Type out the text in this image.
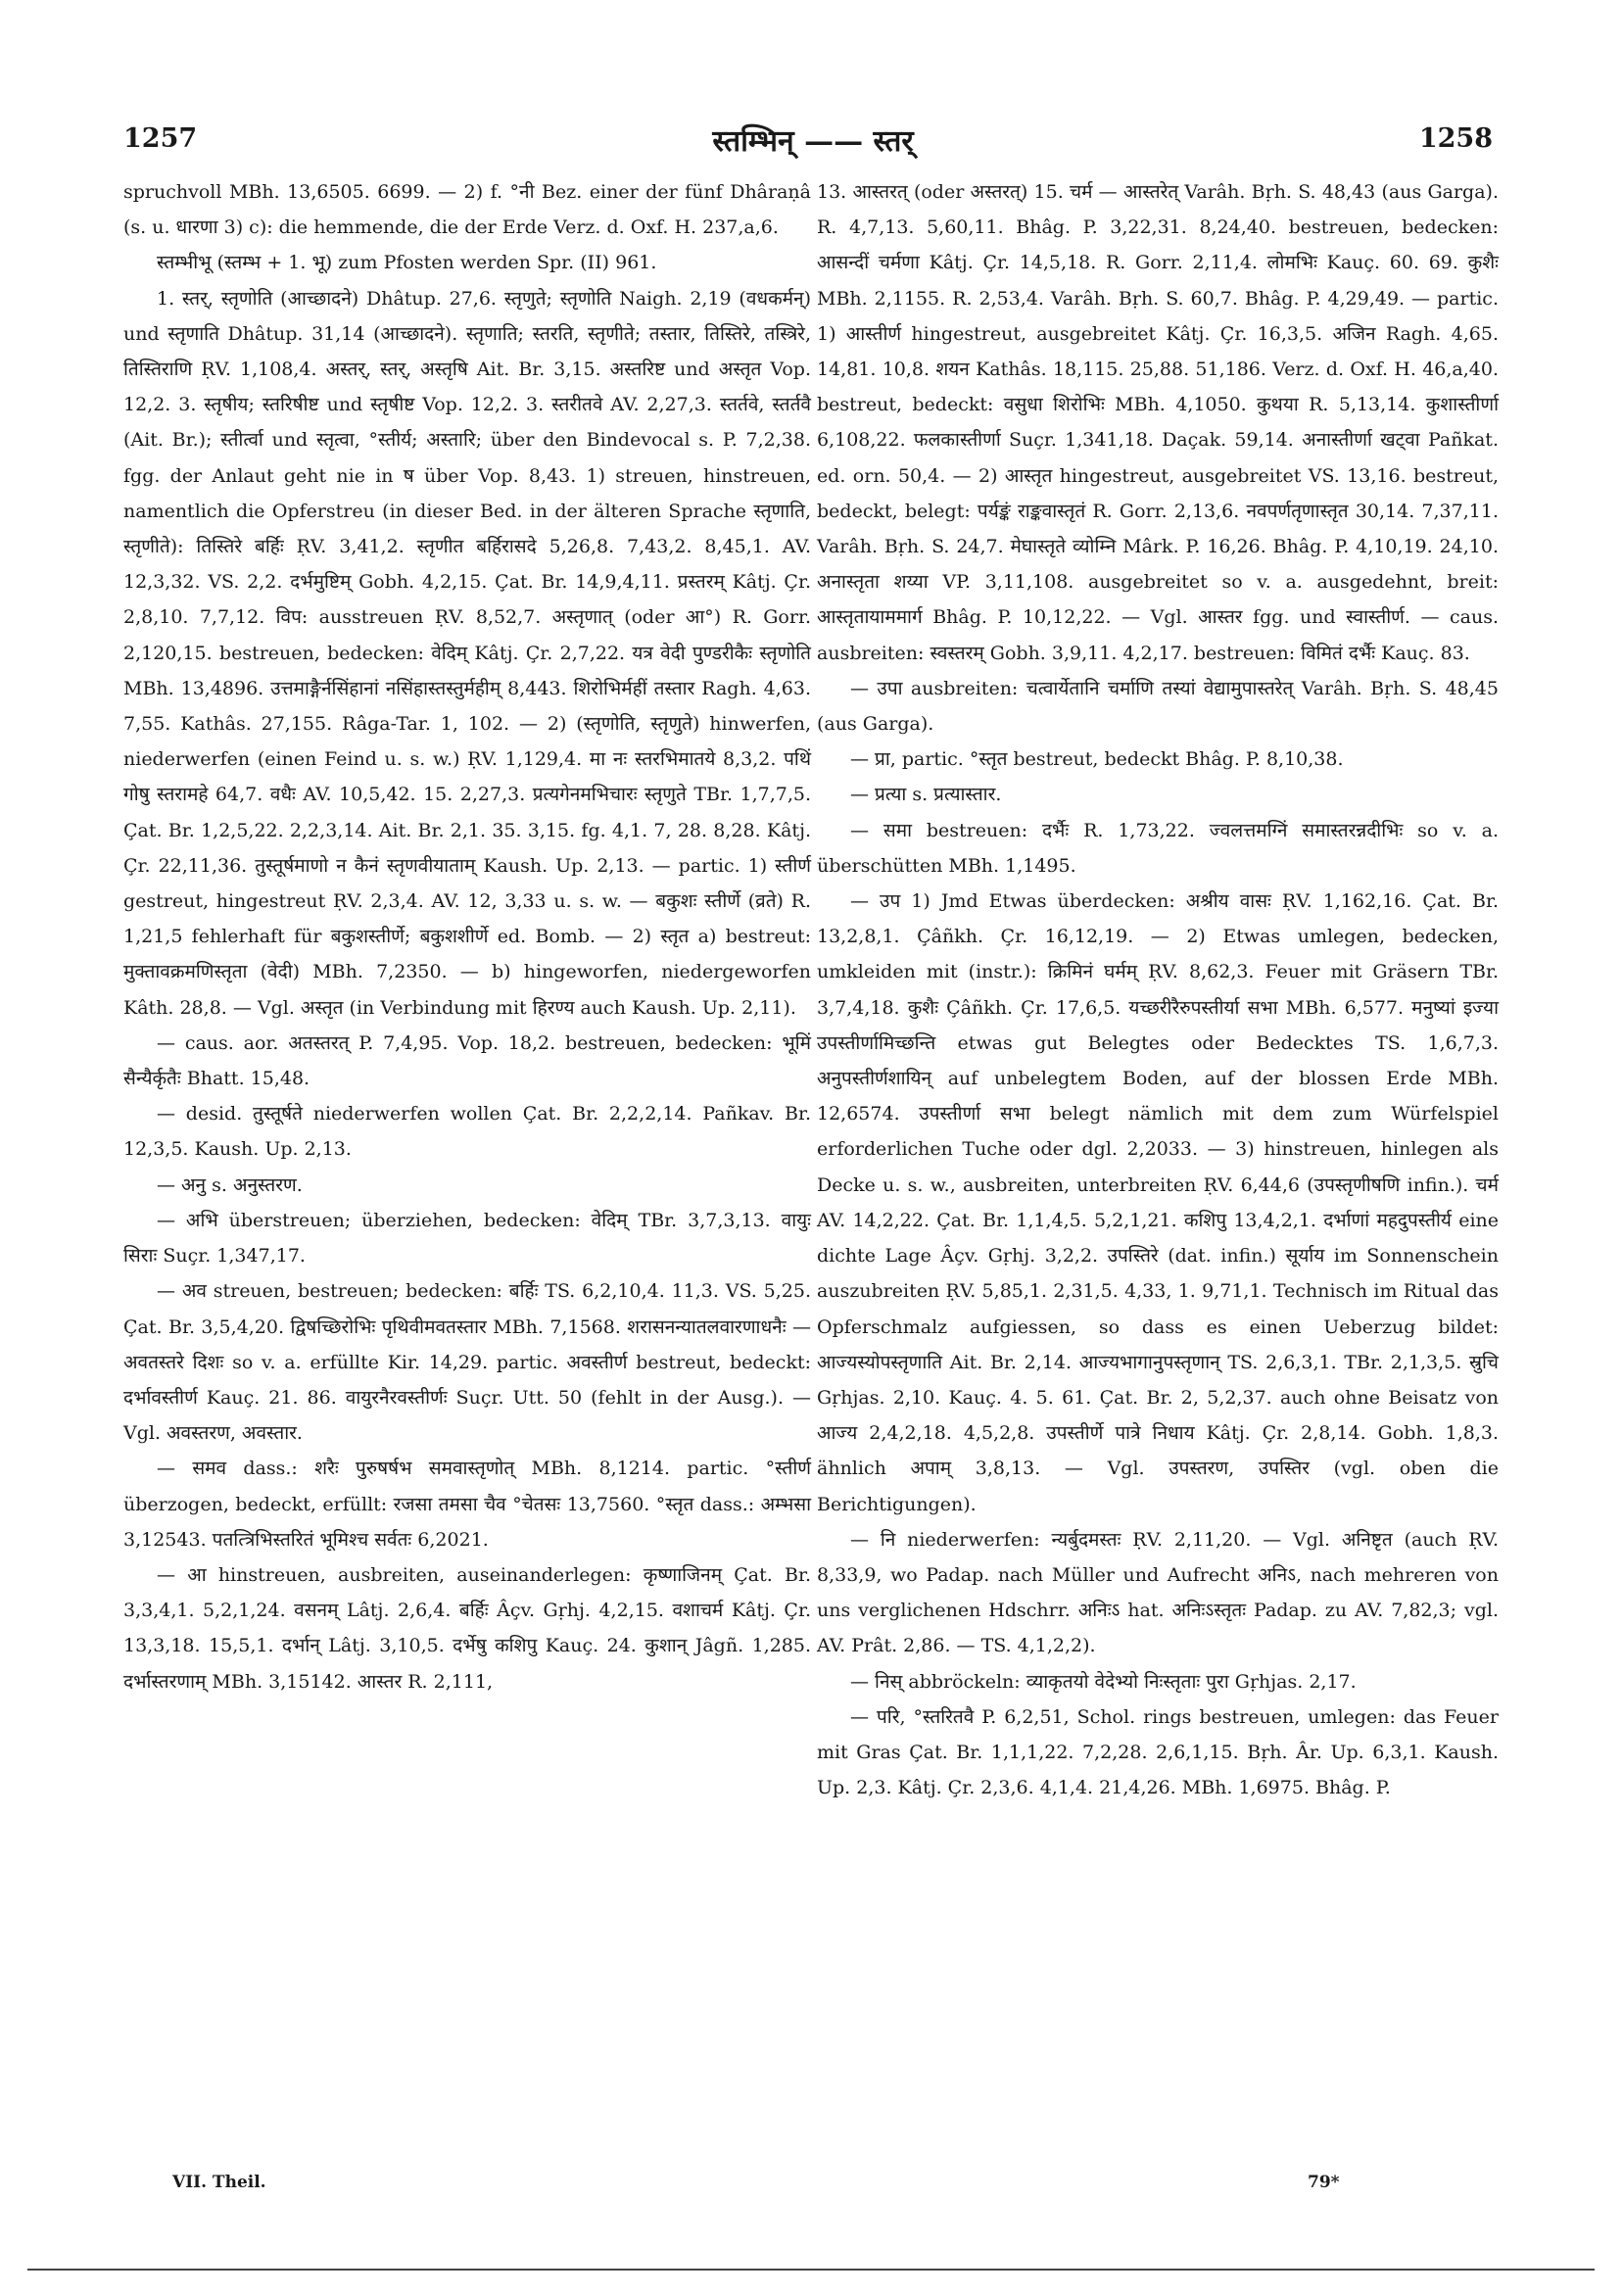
1257	स्तम्भिन् —— स्तर्	1258

spruchvoll MBh. 13,6505. 6699. — 2) f. °नी Bez. einer der fünf Dhâraṇâ (s. u. धारणा 3) c): die hemmende, die der Erde Verz. d. Oxf. H. 237,a,6.

स्तम्भीभू (स्तम्भ + 1. भू) zum Pfosten werden Spr. (II) 961.

1. स्तर्, स्तृणोति (आच्छादने) Dhâtup. 27,6. स्तृणुते; स्तृणोति Naigh. 2,19 (वधकर्मन्) und स्तृणाति Dhâtup. 31,14 (आच्छादने). स्तृणाति; स्तरति, स्तृणीते; तस्तार, तिस्तिरे, तस्त्रिरे, तिस्तिराणि ṚV. 1,108,4. अस्तर्, स्तर्, अस्तृषि Ait. Br. 3,15. अस्तरिष्ट und अस्तृत Vop. 12,2. 3. स्तृषीय; स्तरिषीष्ट und स्तृषीष्ट Vop. 12,2. 3. स्तरीतवे AV. 2,27,3. स्तर्तवे, स्तर्तवै (Ait. Br.); स्तीर्त्वा und स्तृत्वा, °स्तीर्य; अस्तारि; über den Bindevocal s. P. 7,2,38. fgg. der Anlaut geht nie in ष über Vop. 8,43. 1) streuen, hinstreuen, namentlich die Opferstreu (in dieser Bed. in der älteren Sprache स्तृणाति, स्तृणीते): तिस्तिरे बर्हिः ṚV. 3,41,2. स्तृणीत बर्हिरासदे 5,26,8. 7,43,2. 8,45,1. AV. 12,3,32. VS. 2,2. दर्भमुष्टिम् Gobh. 4,2,15. Çat. Br. 14,9,4,11. प्रस्तरम् Kâtj. Çr. 2,8,10. 7,7,12. विप: ausstreuen ṚV. 8,52,7. अस्तृणात् (oder आ°) R. Gorr. 2,120,15. bestreuen, bedecken: वेदिम् Kâtj. Çr. 2,7,22. यत्र वेदी पुण्डरीकैः स्तृणोति MBh. 13,4896. उत्तमाङ्गैर्नसिंहानां नसिंहास्तस्तुर्महीम् 8,443. शिरोभिर्महीं तस्तार Ragh. 4,63. 7,55. Kathâs. 27,155. Râga-Tar. 1, 102. — 2) (स्तृणोति, स्तृणुते) hinwerfen, niederwerfen (einen Feind u. s. w.) ṚV. 1,129,4. मा नः स्तरभिमातये 8,3,2. पथिं गोषु स्तरामहे 64,7. वधैः AV. 10,5,42. 15. 2,27,3. प्रत्यगेनमभिचारः स्तृणुते TBr. 1,7,7,5. Çat. Br. 1,2,5,22. 2,2,3,14. Ait. Br. 2,1. 35. 3,15. fg. 4,1. 7, 28. 8,28. Kâtj. Çr. 22,11,36. तुस्तूर्षमाणो न कैनं स्तृणवीयाताम् Kaush. Up. 2,13. — partic. 1) स्तीर्ण gestreut, hingestreut ṚV. 2,3,4. AV. 12, 3,33 u. s. w. — बकुशः स्तीर्णे (व्रते) R. 1,21,5 fehlerhaft für बकुशस्तीर्णे; बकुशशीर्णे ed. Bomb. — 2) स्तृत a) bestreut: मुक्तावक्रमणिस्तृता (वेदी) MBh. 7,2350. — b) hingeworfen, niedergeworfen Kâth. 28,8. — Vgl. अस्तृत (in Verbindung mit हिरण्य auch Kaush. Up. 2,11).

— caus. aor. अतस्तरत् P. 7,4,95. Vop. 18,2. bestreuen, bedecken: भूमिं सैन्यैर्कृतैः Bhatt. 15,48.

— desid. तुस्तूर्षते niederwerfen wollen Çat. Br. 2,2,2,14. Pañkav. Br. 12,3,5. Kaush. Up. 2,13.

— अनु s. अनुस्तरण.

— अभि überstreuen; überziehen, bedecken: वेदिम् TBr. 3,7,3,13. वायुः सिराः Suçr. 1,347,17.

— अव streuen, bestreuen; bedecken: बर्हिः TS. 6,2,10,4. 11,3. VS. 5,25. Çat. Br. 3,5,4,20. द्विषच्छिरोभिः पृथिवीमवतस्तार MBh. 7,1568. शरासनन्यातलवारणाधनैः — अवतस्तरे दिशः so v. a. erfüllte Kir. 14,29. partic. अवस्तीर्ण bestreut, bedeckt: दर्भावस्तीर्ण Kauç. 21. 86. वायुरनैरवस्तीर्णः Suçr. Utt. 50 (fehlt in der Ausg.). — Vgl. अवस्तरण, अवस्तार.

— समव dass.: शरैः पुरुषर्षभ समवास्तृणोत् MBh. 8,1214. partic. °स्तीर्ण überzogen, bedeckt, erfüllt: रजसा तमसा चैव °चेतसः 13,7560. °स्तृत dass.: अम्भसा 3,12543. पतत्त्रिभिस्तरितं भूमिश्च सर्वतः 6,2021.

— आ hinstreuen, ausbreiten, auseinanderlegen: कृष्णाजिनम् Çat. Br. 3,3,4,1. 5,2,1,24. वसनम् Lâtj. 2,6,4. बर्हिः Âçv. Gṛhj. 4,2,15. वशाचर्म Kâtj. Çr. 13,3,18. 15,5,1. दर्भान् Lâtj. 3,10,5. दर्भेषु कशिपु Kauç. 24. कुशान् Jâgñ. 1,285. दर्भास्तरणाम् MBh. 3,15142. आस्तर R. 2,111,

13. आस्तरत् (oder अस्तरत्) 15. चर्म — आस्तरेत् Varâh. Bṛh. S. 48,43 (aus Garga). R. 4,7,13. 5,60,11. Bhâg. P. 3,22,31. 8,24,40. bestreuen, bedecken: आसन्दीं चर्मणा Kâtj. Çr. 14,5,18. R. Gorr. 2,11,4. लोमभिः Kauç. 60. 69. कुशैः MBh. 2,1155. R. 2,53,4. Varâh. Bṛh. S. 60,7. Bhâg. P. 4,29,49. — partic. 1) आस्तीर्ण hingestreut, ausgebreitet Kâtj. Çr. 16,3,5. अजिन Ragh. 4,65. 14,81. 10,8. शयन Kathâs. 18,115. 25,88. 51,186. Verz. d. Oxf. H. 46,a,40. bestreut, bedeckt: वसुधा शिरोभिः MBh. 4,1050. कुथया R. 5,13,14. कुशास्तीर्णा 6,108,22. फलकास्तीर्णा Suçr. 1,341,18. Daçak. 59,14. अनास्तीर्णा खट्वा Pañkat. ed. orn. 50,4. — 2) आस्तृत hingestreut, ausgebreitet VS. 13,16. bestreut, bedeckt, belegt: पर्यङ्कं राङ्कवास्तृतं R. Gorr. 2,13,6. नवपर्णतृणास्तृत 30,14. 7,37,11. Varâh. Bṛh. S. 24,7. मेघास्तृते व्योम्नि Mârk. P. 16,26. Bhâg. P. 4,10,19. 24,10. अनास्तृता शय्या VP. 3,11,108. ausgebreitet so v. a. ausgedehnt, breit: आस्तृतायाममार्ग Bhâg. P. 10,12,22. — Vgl. आस्तर fgg. und स्वास्तीर्ण. — caus. ausbreiten: स्वस्तरम् Gobh. 3,9,11. 4,2,17. bestreuen: विमितं दर्भैः Kauç. 83.

— उपा ausbreiten: चत्वार्येतानि चर्माणि तस्यां वेद्यामुपास्तरेत् Varâh. Bṛh. S. 48,45 (aus Garga).

— प्रा, partic. °स्तृत bestreut, bedeckt Bhâg. P. 8,10,38.

— प्रत्या s. प्रत्यास्तार.

— समा bestreuen: दर्भैः R. 1,73,22. ज्वलत्तमग्निं समास्तरन्नदीभिः so v. a. überschütten MBh. 1,1495.

— उप 1) Jmd Etwas überdecken: अश्रीय वासः ṚV. 1,162,16. Çat. Br. 13,2,8,1. Çâñkh. Çr. 16,12,19. — 2) Etwas umlegen, bedecken, umkleiden mit (instr.): क्रिमिनं घर्मम् ṚV. 8,62,3. Feuer mit Gräsern TBr. 3,7,4,18. कुशैः Çâñkh. Çr. 17,6,5. यच्छरीरैरुपस्तीर्या सभा MBh. 6,577. मनुष्यां इज्या उपस्तीर्णामिच्छन्ति etwas gut Belegtes oder Bedecktes TS. 1,6,7,3. अनुपस्तीर्णशायिन् auf unbelegtem Boden, auf der blossen Erde MBh. 12,6574. उपस्तीर्णा सभा belegt nämlich mit dem zum Würfelspiel erforderlichen Tuche oder dgl. 2,2033. — 3) hinstreuen, hinlegen als Decke u. s. w., ausbreiten, unterbreiten ṚV. 6,44,6 (उपस्तृणीषणि infin.). चर्म AV. 14,2,22. Çat. Br. 1,1,4,5. 5,2,1,21. कशिपु 13,4,2,1. दर्भाणां महदुपस्तीर्य eine dichte Lage Âçv. Gṛhj. 3,2,2. उपस्तिरे (dat. infin.) सूर्याय im Sonnenschein auszubreiten ṚV. 5,85,1. 2,31,5. 4,33, 1. 9,71,1. Technisch im Ritual das Opferschmalz aufgiessen, so dass es einen Ueberzug bildet: आज्यस्योपस्तृणाति Ait. Br. 2,14. आज्यभागानुपस्तृणान् TS. 2,6,3,1. TBr. 2,1,3,5. स्रुचि Gṛhjas. 2,10. Kauç. 4. 5. 61. Çat. Br. 2, 5,2,37. auch ohne Beisatz von आज्य 2,4,2,18. 4,5,2,8. उपस्तीर्णे पात्रे निधाय Kâtj. Çr. 2,8,14. Gobh. 1,8,3. ähnlich अपाम् 3,8,13. — Vgl. उपस्तरण, उपस्तिर (vgl. oben die Berichtigungen).

— नि niederwerfen: न्यर्बुदमस्तः ṚV. 2,11,20. — Vgl. अनिष्टृत (auch ṚV. 8,33,9, wo Padap. nach Müller und Aufrecht अनिऽ, nach mehreren von uns verglichenen Hdschrr. अनिःऽ hat. अनिःऽस्तृतः Padap. zu AV. 7,82,3; vgl. AV. Prât. 2,86. — TS. 4,1,2,2).

— निस् abbröckeln: व्याकृतयो वेदेभ्यो निःस्तृताः पुरा Gṛhjas. 2,17.

— परि, °स्तरितवै P. 6,2,51, Schol. rings bestreuen, umlegen: das Feuer mit Gras Çat. Br. 1,1,1,22. 7,2,28. 2,6,1,15. Bṛh. Âr. Up. 6,3,1. Kaush. Up. 2,3. Kâtj. Çr. 2,3,6. 4,1,4. 21,4,26. MBh. 1,6975. Bhâg. P.

VII. Theil.	79*
